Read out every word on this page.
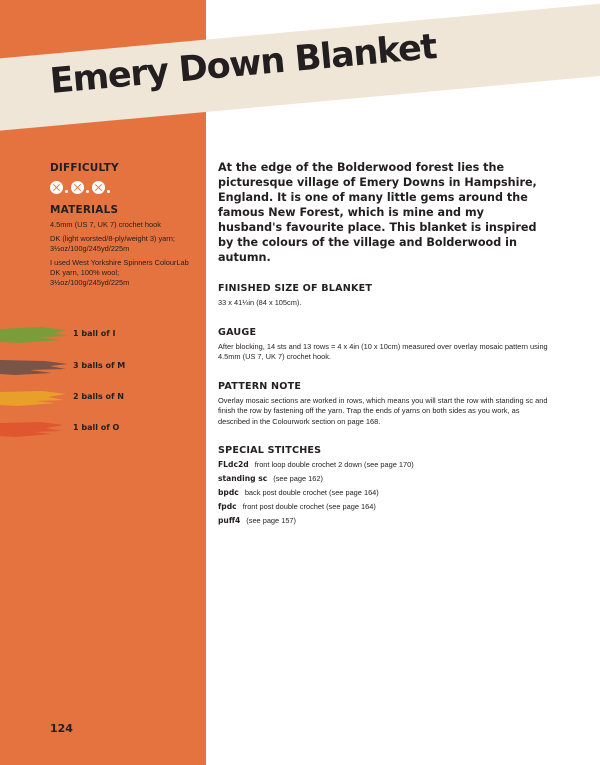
Emery Down Blanket
DIFFICULTY
MATERIALS

4.5mm (US 7, UK 7) crochet hook

DK (light worsted/8-ply/weight 3) yarn; 3½oz/100g/245yd/225m

I used West Yorkshire Spinners ColourLab DK yarn, 100% wool; 3½oz/100g/245yd/225m

1 ball of I
3 balls of M
2 balls of N
1 ball of O
124

At the edge of the Bolderwood forest lies the picturesque village of Emery Downs in Hampshire, England. It is one of many little gems around the famous New Forest, which is mine and my husband's favourite place. This blanket is inspired by the colours of the village and Bolderwood in autumn.

FINISHED SIZE OF BLANKET

33 x 41¼in (84 x 105cm).

GAUGE

After blocking, 14 sts and 13 rows = 4 x 4in (10 x 10cm) measured over overlay mosaic pattern using 4.5mm (US 7, UK 7) crochet hook.

PATTERN NOTE

Overlay mosaic sections are worked in rows, which means you will start the row with standing sc and finish the row by fastening off the yarn. Trap the ends of yarns on both sides as you work, as described in the Colourwork section on page 168.

SPECIAL STITCHES
FLdc2d front loop double crochet 2 down (see page 170)
standing sc (see page 162)
bpdc back post double crochet (see page 164)
fpdc front post double crochet (see page 164)
puff4 (see page 157)
